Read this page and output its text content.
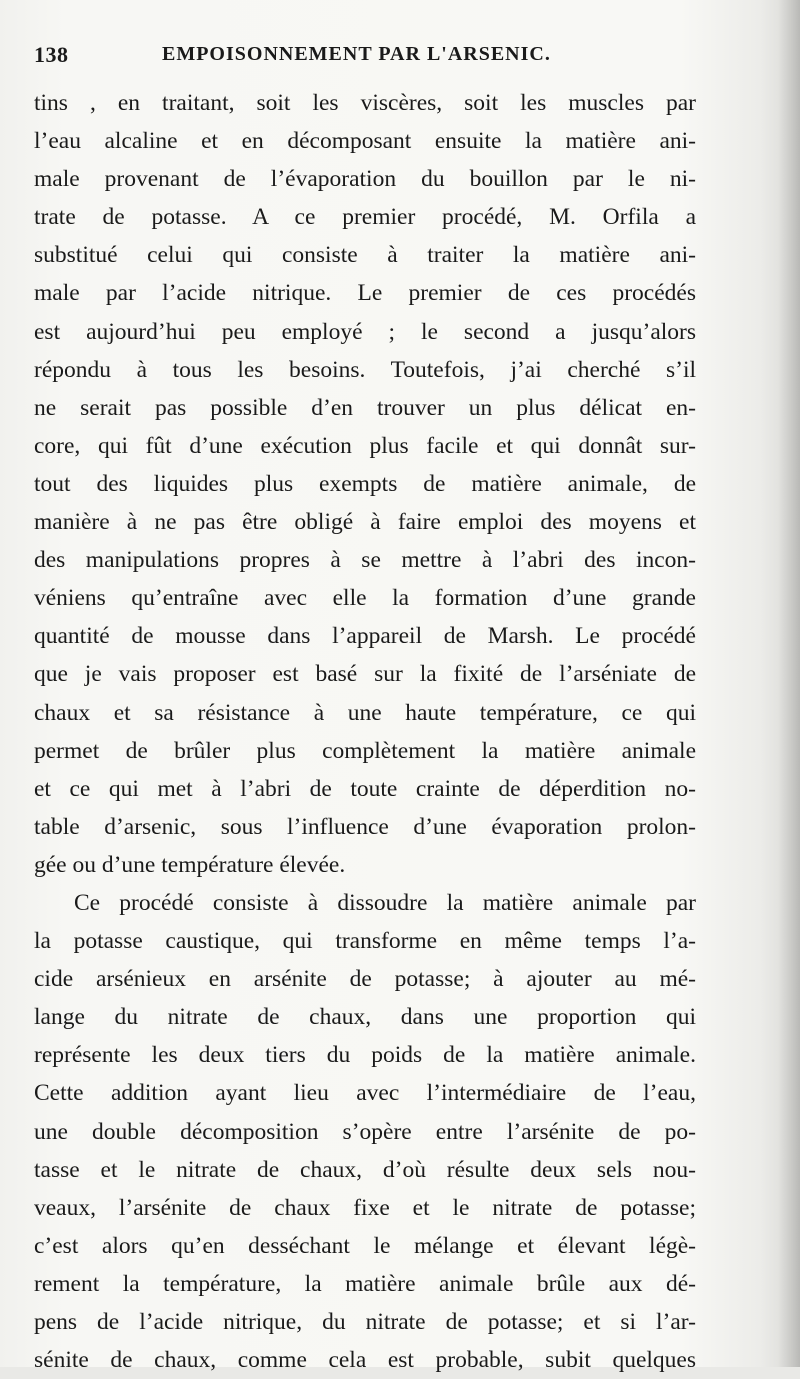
138	EMPOISONNEMENT PAR L'ARSENIC.
tins , en traitant, soit les viscères, soit les muscles par
l’eau alcaline et en décomposant ensuite la matière ani-
male provenant de l’évaporation du bouillon par le ni-
trate de potasse. A ce premier procédé, M. Orfila a
substitué celui qui consiste à traiter la matière ani-
male par l’acide nitrique. Le premier de ces procédés
est aujourd’hui peu employé ; le second a jusqu’alors
répondu à tous les besoins. Toutefois, j’ai cherché s’il
ne serait pas possible d’en trouver un plus délicat en-
core, qui fût d’une exécution plus facile et qui donnât sur-
tout des liquides plus exempts de matière animale, de
manière à ne pas être obligé à faire emploi des moyens et
des manipulations propres à se mettre à l’abri des incon-
véniens qu’entraîne avec elle la formation d’une grande
quantité de mousse dans l’appareil de Marsh. Le procédé
que je vais proposer est basé sur la fixité de l’arséniate de
chaux et sa résistance à une haute température, ce qui
permet de brûler plus complètement la matière animale
et ce qui met à l’abri de toute crainte de déperdition no-
table d’arsenic, sous l’influence d’une évaporation prolon-
gée ou d’une température élevée.
Ce procédé consiste à dissoudre la matière animale par
la potasse caustique, qui transforme en même temps l’a-
cide arsénieux en arsénite de potasse; à ajouter au mé-
lange du nitrate de chaux, dans une proportion qui
représente les deux tiers du poids de la matière animale.
Cette addition ayant lieu avec l’intermédiaire de l’eau,
une double décomposition s’opère entre l’arsénite de po-
tasse et le nitrate de chaux, d’où résulte deux sels nou-
veaux, l’arsénite de chaux fixe et le nitrate de potasse;
c’est alors qu’en desséchant le mélange et élevant légè-
rement la température, la matière animale brûle aux dé-
pens de l’acide nitrique, du nitrate de potasse; et si l’ar-
sénite de chaux, comme cela est probable, subit quelques
